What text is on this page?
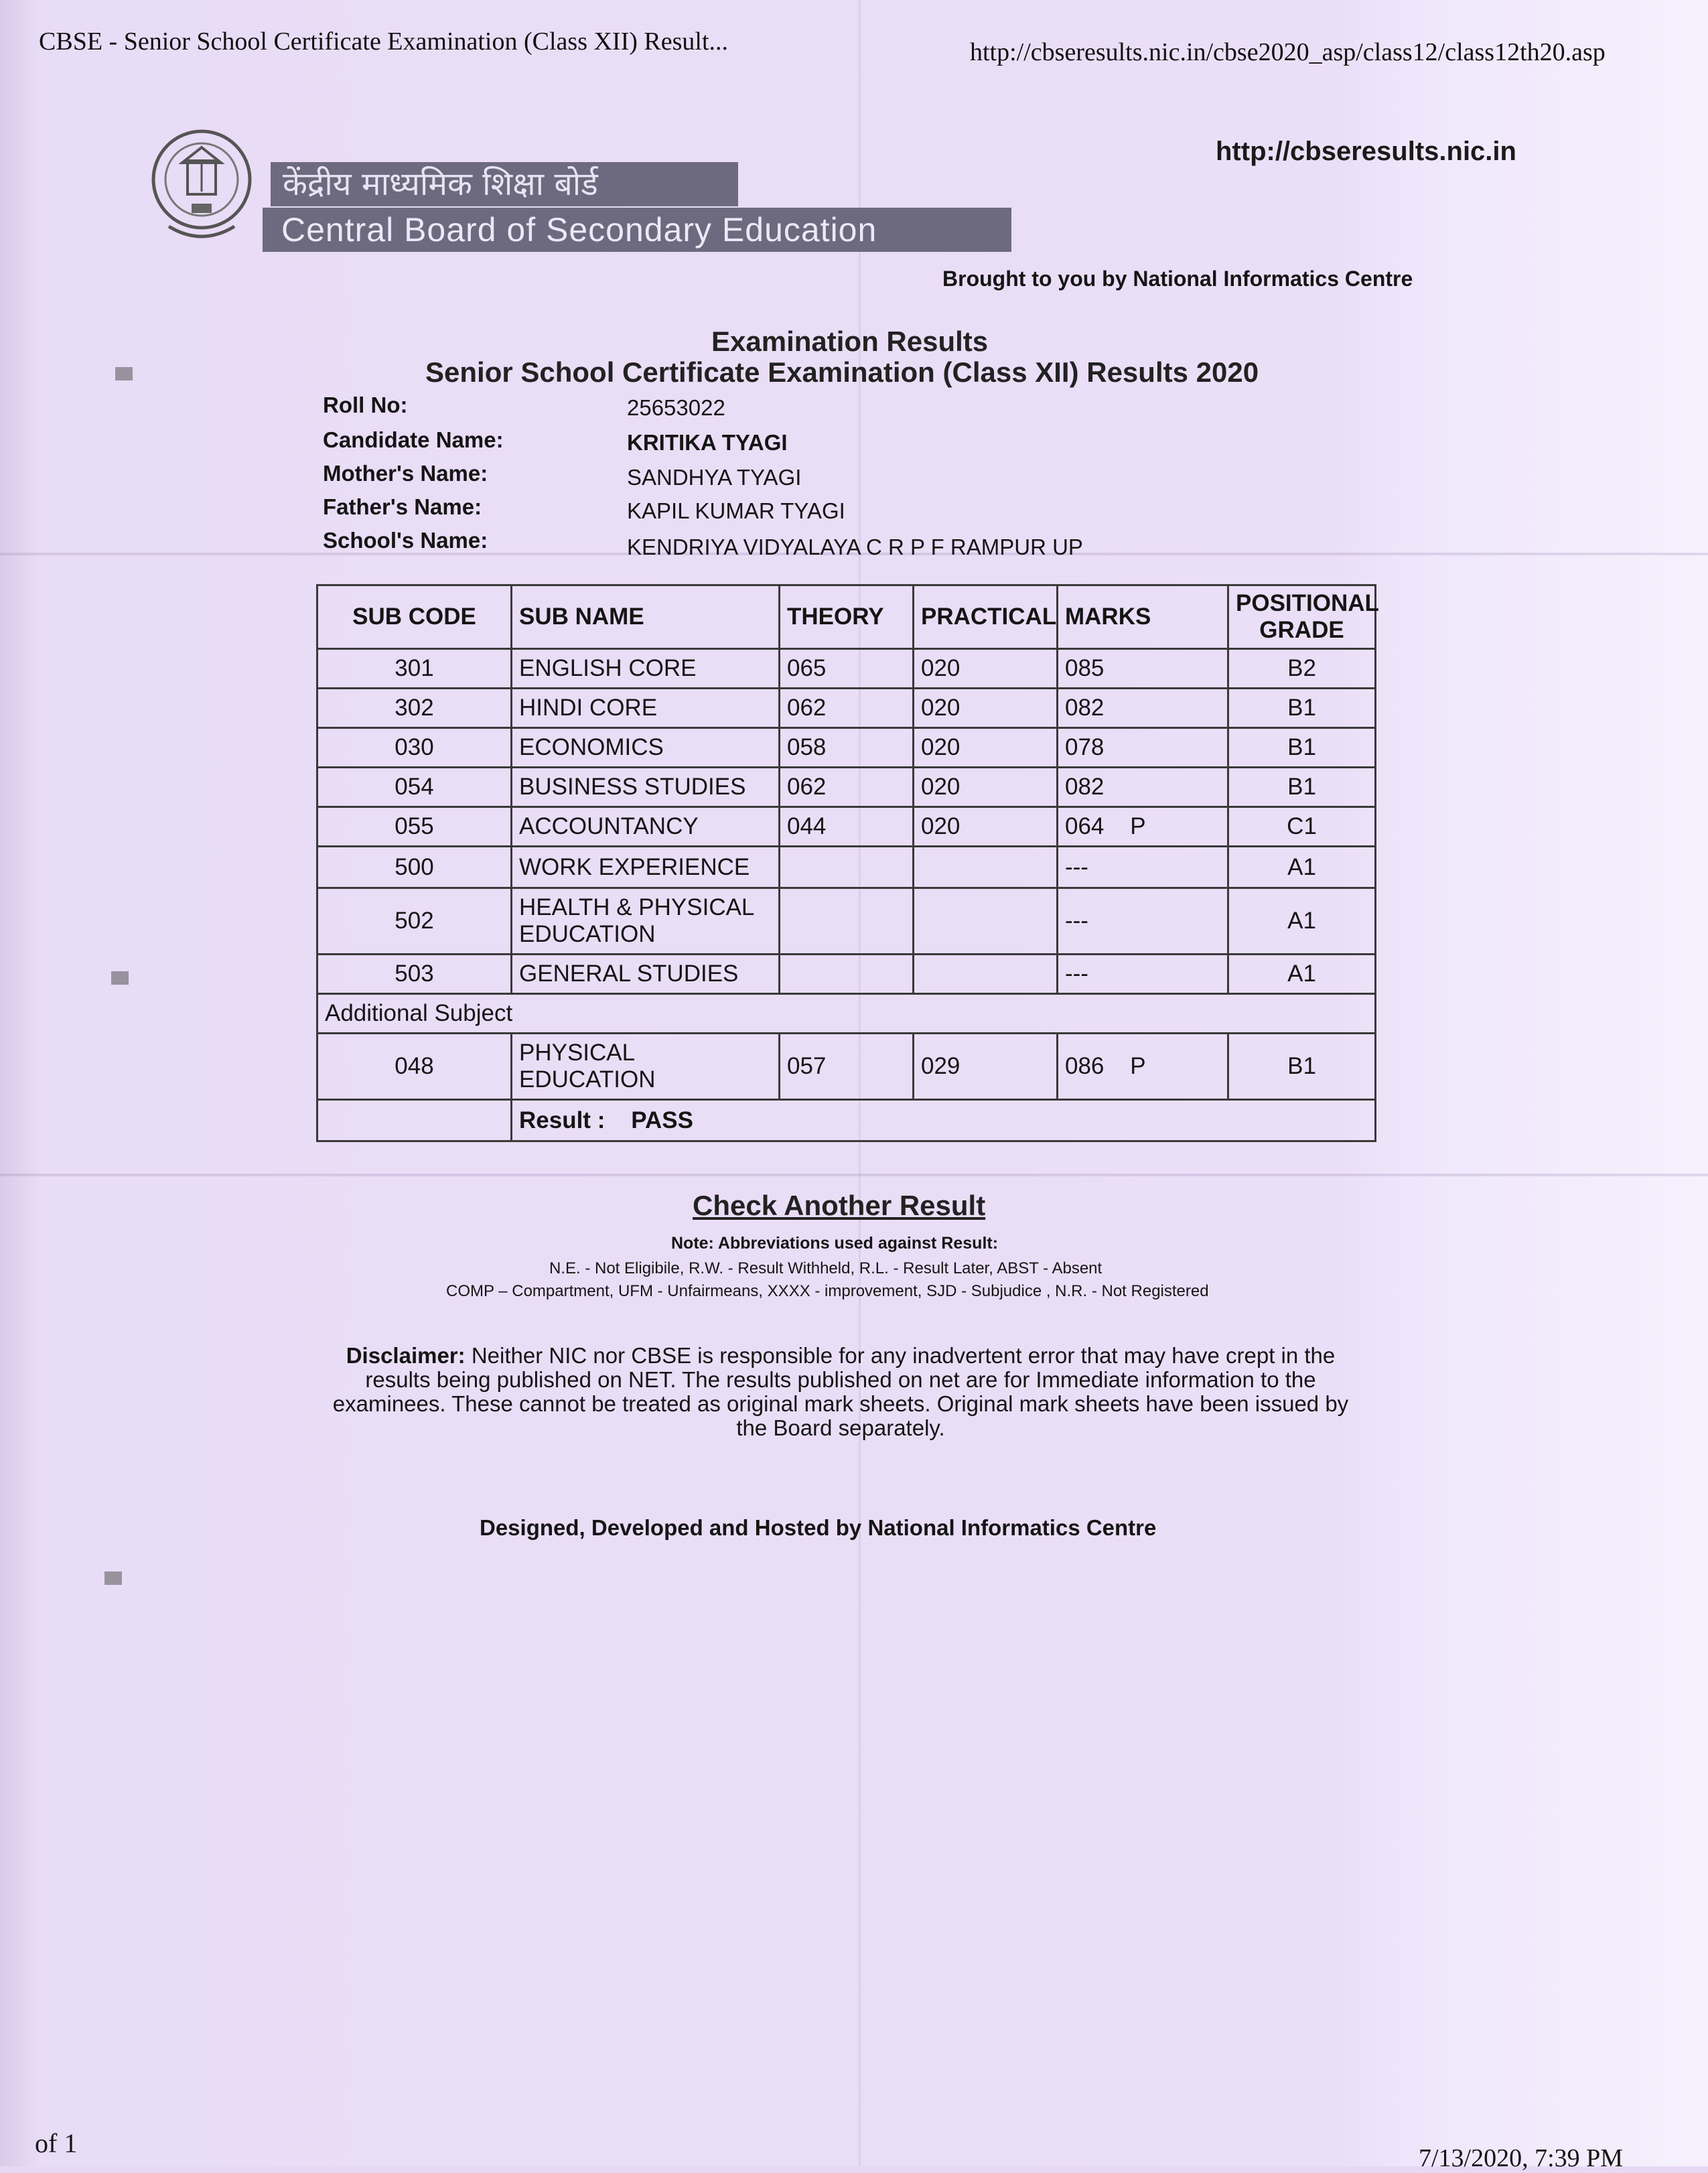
CBSE - Senior School Certificate Examination (Class XII) Result...	http://cbseresults.nic.in/cbse2020_asp/class12/class12th20.asp
केंद्रीय माध्यमिक शिक्षा बोर्ड
Central Board of Secondary Education
http://cbseresults.nic.in
Brought to you by National Informatics Centre
Examination Results
Senior School Certificate Examination (Class XII) Results 2020
Roll No:	25653022
Candidate Name:	KRITIKA TYAGI
Mother's Name:	SANDHYA TYAGI
Father's Name:	KAPIL KUMAR TYAGI
School's Name:	KENDRIYA VIDYALAYA C R P F RAMPUR UP
SUB CODE	SUB NAME	THEORY	PRACTICAL	MARKS	POSITIONAL GRADE
301	ENGLISH CORE	065	020	085	B2
302	HINDI CORE	062	020	082	B1
030	ECONOMICS	058	020	078	B1
054	BUSINESS STUDIES	062	020	082	B1
055	ACCOUNTANCY	044	020	064    P	C1
500	WORK EXPERIENCE			---	A1
502	HEALTH & PHYSICAL EDUCATION			---	A1
503	GENERAL STUDIES			---	A1
Additional Subject					
048	PHYSICAL EDUCATION	057	029	086    P	B1
	Result : PASS				
Check Another Result
Note: Abbreviations used against Result:
N.E. - Not Eligibile, R.W. - Result Withheld, R.L. - Result Later, ABST - Absent
COMP – Compartment, UFM - Unfairmeans, XXXX - improvement, SJD - Subjudice , N.R. - Not Registered
Disclaimer: Neither NIC nor CBSE is responsible for any inadvertent error that may have crept in the results being published on NET. The results published on net are for Immediate information to the examinees. These cannot be treated as original mark sheets. Original mark sheets have been issued by the Board separately.
Designed, Developed and Hosted by National Informatics Centre
of 1	7/13/2020, 7:39 PM
